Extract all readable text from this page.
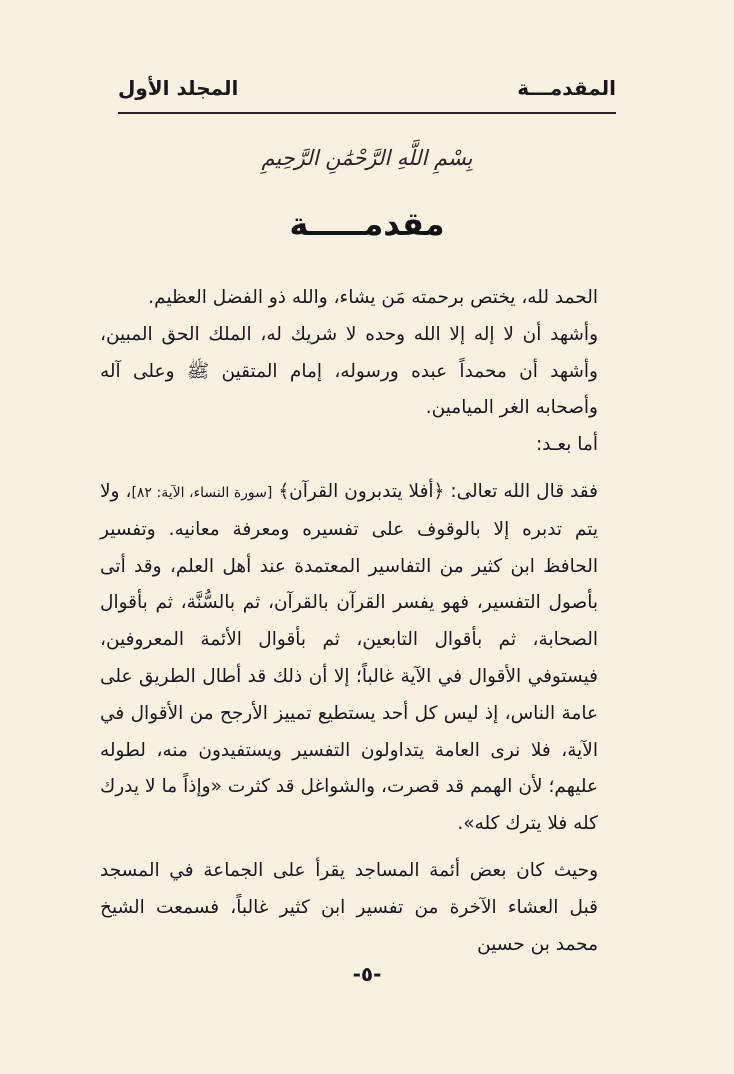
المقدمـــة
المجلد الأول
بِسْمِ اللَّهِ الرَّحْمَٰنِ الرَّحِيمِ
مقدمـــــة

الحمد لله، يختص برحمته مَن يشاء، والله ذو الفضل العظيم.

وأشهد أن لا إله إلا الله وحده لا شريك له، الملك الحق المبين، وأشهد أن محمداً عبده ورسوله، إمام المتقين ﷺ وعلى آله وأصحابه الغر الميامين.

أما بعـد:

فقد قال الله تعالى: ﴿أفلا يتدبرون القرآن﴾ [سورة النساء، الآية: ٨٢]، ولا يتم تدبره إلا بالوقوف على تفسيره ومعرفة معانيه. وتفسير الحافظ ابن كثير من التفاسير المعتمدة عند أهل العلم، وقد أتى بأصول التفسير، فهو يفسر القرآن بالقرآن، ثم بالسُّنَّة، ثم بأقوال الصحابة، ثم بأقوال التابعين، ثم بأقوال الأئمة المعروفين، فيستوفي الأقوال في الآية غالباً؛ إلا أن ذلك قد أطال الطريق على عامة الناس، إذ ليس كل أحد يستطيع تمييز الأرجح من الأقوال في الآية، فلا نرى العامة يتداولون التفسير ويستفيدون منه، لطوله عليهم؛ لأن الهمم قد قصرت، والشواغل قد كثرت «وإذاً ما لا يدرك كله فلا يترك كله».

وحيث كان بعض أئمة المساجد يقرأ على الجماعة في المسجد قبل العشاء الآخرة من تفسير ابن كثير غالباً، فسمعت الشيخ محمد بن حسين

-٥-
